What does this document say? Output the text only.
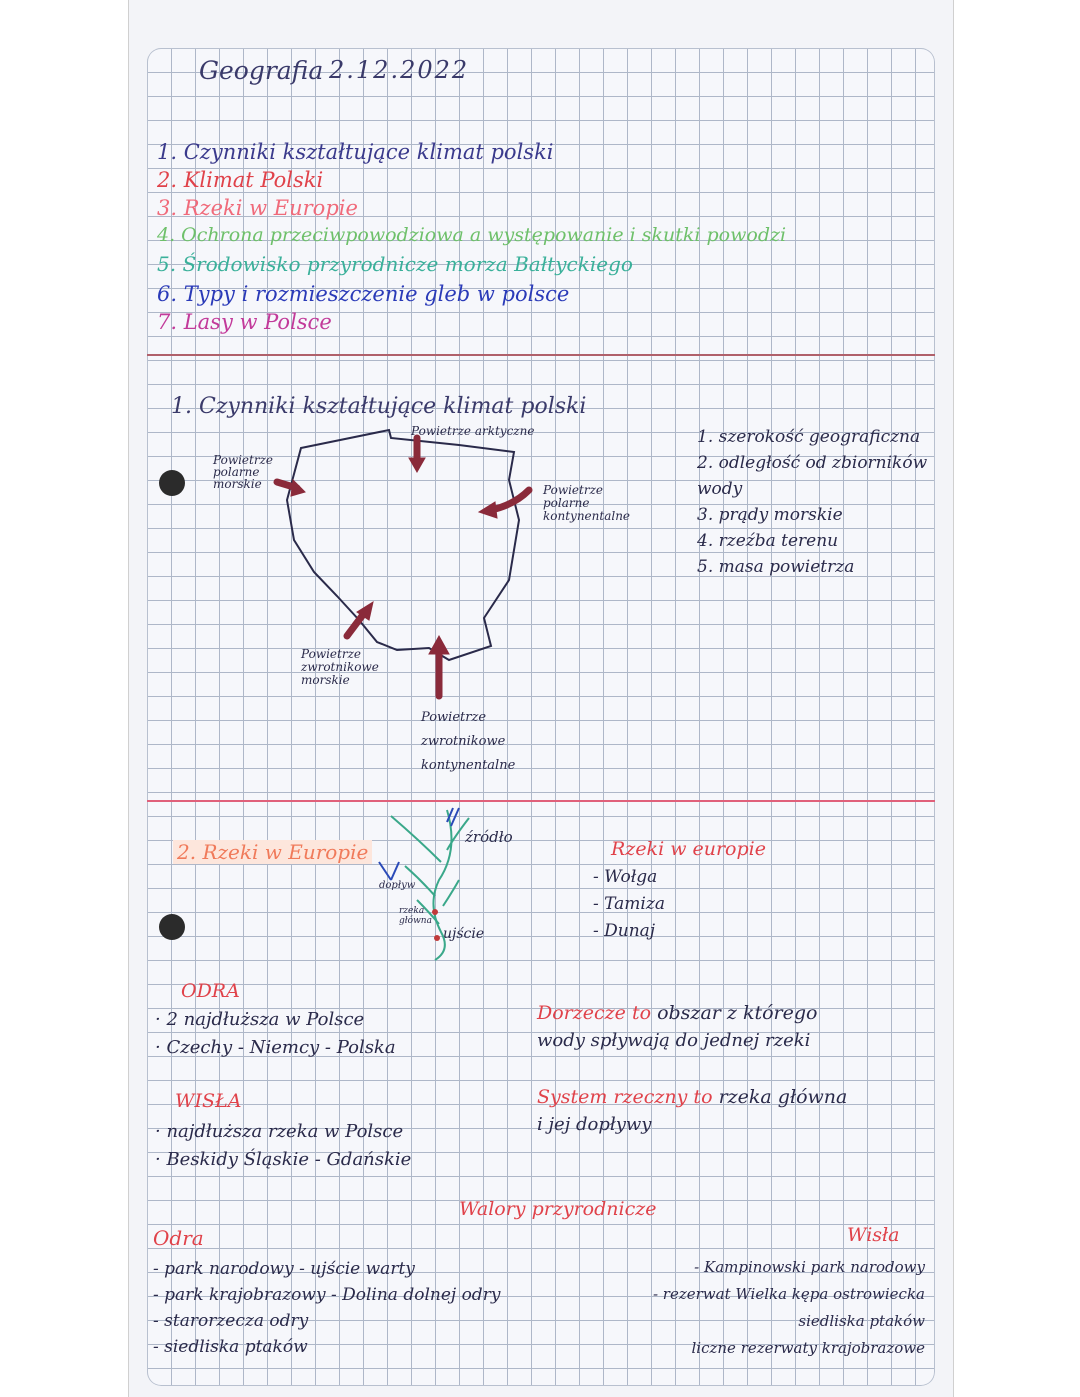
Geografia 2.12.2022
1. Czynniki kształtujące klimat polski
2. Klimat Polski
3. Rzeki w Europie
4. Ochrona przeciwpowodziowa a występowanie i skutki powodzi
5. Środowisko przyrodnicze morza Bałtyckiego
6. Typy i rozmieszczenie gleb w polsce
7. Lasy w Polsce
1. Czynniki kształtujące klimat polski
Powietrze arktyczne
Powietrze
polarne
morskie	Powietrze
polarne
kontynentalne
Powietrze
zwrotnikowe
morskie
Powietrze
zwrotnikowe
kontynentalne
1. szerokość geograficzna
2. odległość od zbiorników
wody
3. prądy morskie
4. rzeźba terenu
5. masa powietrza
2. Rzeki w Europie
źródło
dopływ
rzeka
główna
ujście
Rzeki w europie
- Wołga
- Tamiza
- Dunaj
ODRA
· 2 najdłuższa w Polsce
· Czechy - Niemcy - Polska
WISŁA
· najdłuższa rzeka w Polsce
· Beskidy Śląskie - Gdańskie
Dorzecze to obszar z którego
wody spływają do jednej rzeki
System rzeczny to rzeka główna
i jej dopływy
Walory przyrodnicze
Odra
- park narodowy - ujście warty
- park krajobrazowy - Dolina dolnej odry
- starorzecza odry
- siedliska ptaków
Wisła
- Kampinowski park narodowy
- rezerwat Wielka kępa ostrowiecka
siedliska ptaków
liczne rezerwaty krajobrazowe
